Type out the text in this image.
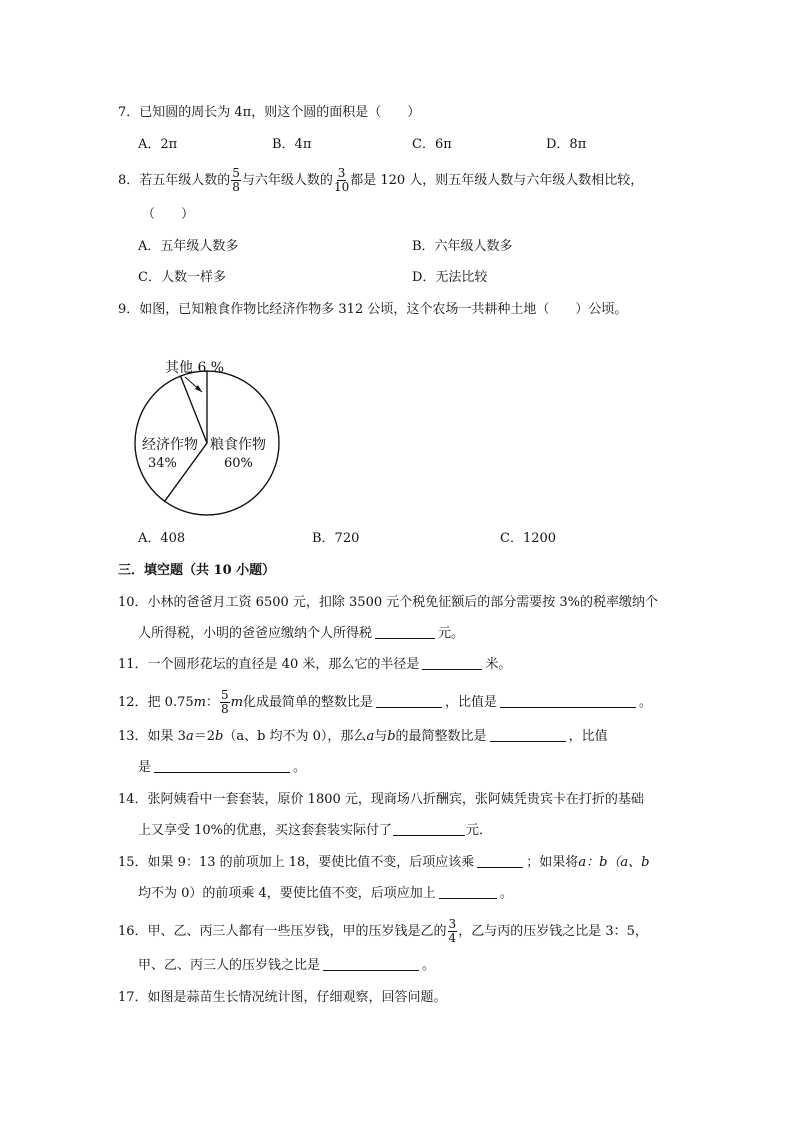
7．已知圆的周长为 4π，则这个圆的面积是（　　）
A．2π	B．4π	C．6π	D．8π
8．若五年级人数的 $\frac{5}{8}$ 与六年级人数的 $\frac{3}{10}$ 都是 120 人，则五年级人数与六年级人数相比较，
（　　）
A．五年级人数多	B．六年级人数多
C．人数一样多	D．无法比较
9．如图，已知粮食作物比经济作物多 312 公顷，这个农场一共耕种土地（　　）公顷。
粮食作物
60%
经济作物
34%
其他 6 %
A．408	B．720	C．1200
三．填空题（共 10 小题）
10．小林的爸爸月工资 6500 元，扣除 3500 元个税免征额后的部分需要按 3%的税率缴纳个
人所得税，小明的爸爸应缴纳个人所得税	元。
11．一个圆形花坛的直径是 40 米，那么它的半径是	米。
12．把 0.75m： $\frac{5}{8}$ m化成最简单的整数比是	，比值是	。
13．如果 3a＝2b（a、b 均不为 0），那么a与b的最简整数比是	，比值
是	。
14．张阿姨看中一套套装，原价 1800 元，现商场八折酬宾，张阿姨凭贵宾卡在打折的基础
上又享受 10%的优惠，买这套套装实际付了	元．
15．如果 9：13 的前项加上 18，要使比值不变，后项应该乘	；如果将a：b（a、b
均不为 0）的前项乘 4，要使比值不变，后项应加上	。
16．甲、乙、丙三人都有一些压岁钱，甲的压岁钱是乙的 $\frac{3}{4}$ ，乙与丙的压岁钱之比是 3：5，
甲、乙、丙三人的压岁钱之比是	。
17．如图是蒜苗生长情况统计图，仔细观察，回答问题。
